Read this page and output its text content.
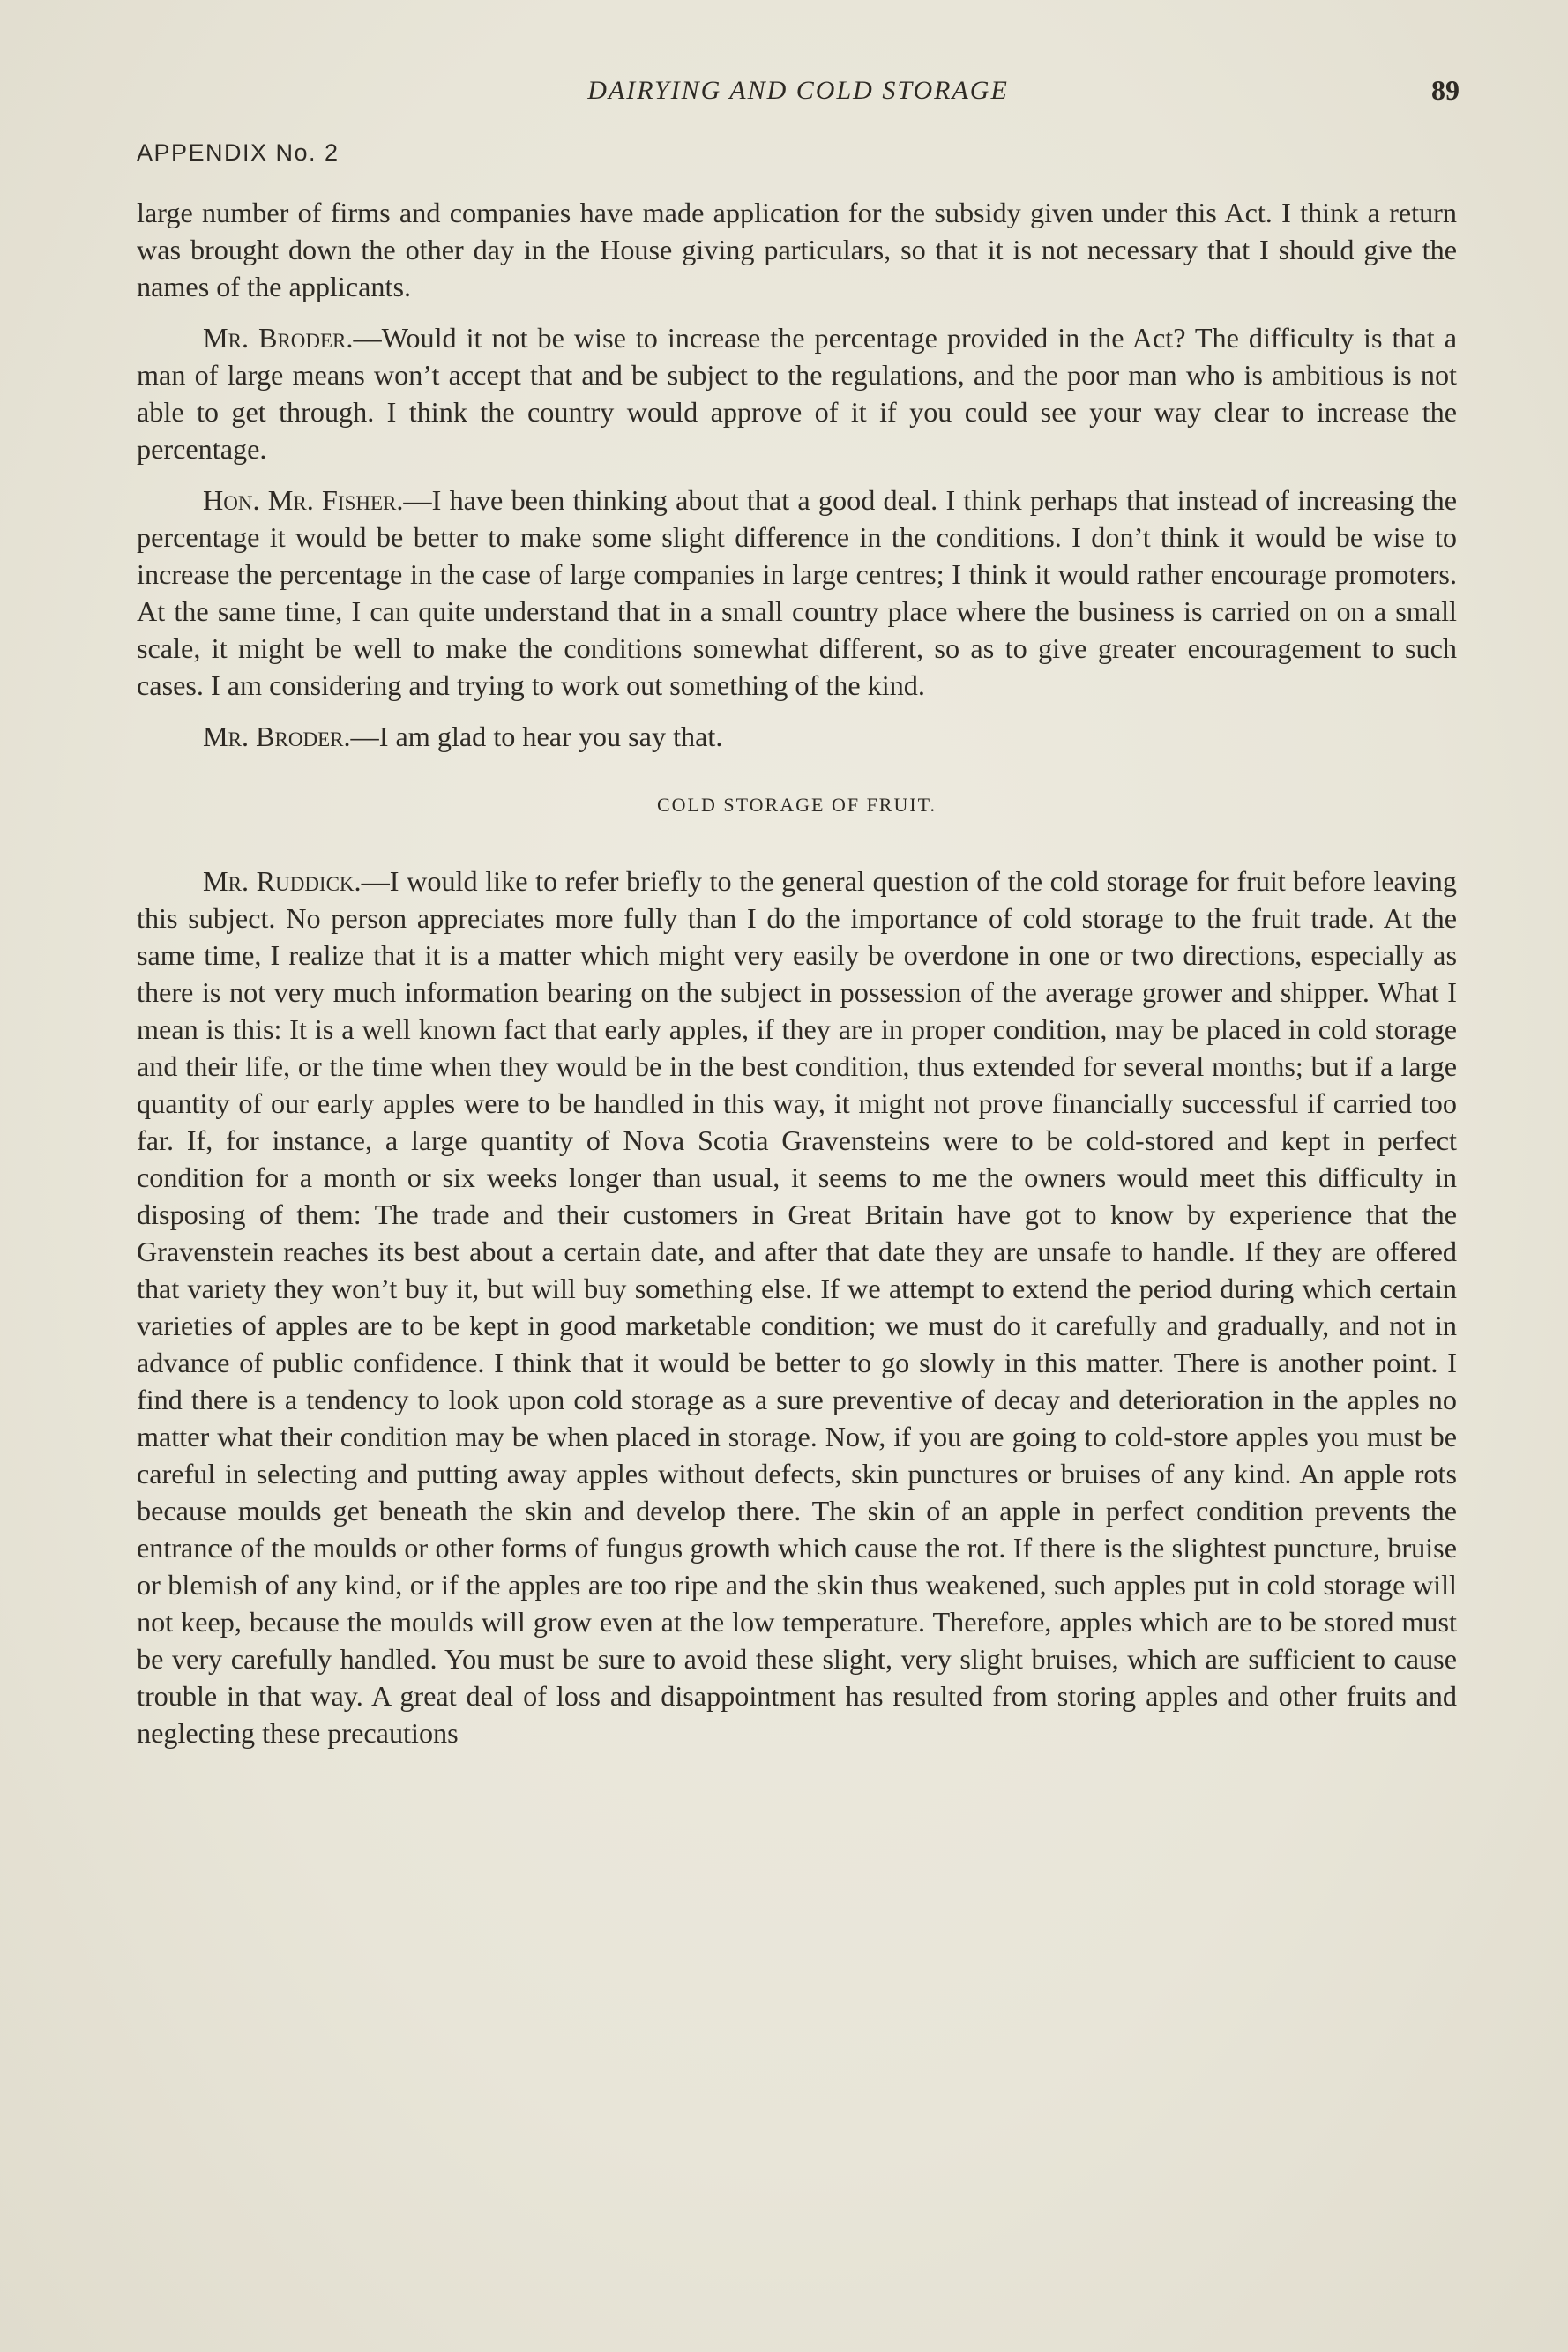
DAIRYING AND COLD STORAGE	89
APPENDIX No. 2

large number of firms and companies have made application for the subsidy given under this Act. I think a return was brought down the other day in the House giving particulars, so that it is not necessary that I should give the names of the applicants.

Mr. Broder.—Would it not be wise to increase the percentage provided in the Act? The difficulty is that a man of large means won’t accept that and be subject to the regulations, and the poor man who is ambitious is not able to get through. I think the country would approve of it if you could see your way clear to increase the percentage.

Hon. Mr. Fisher.—I have been thinking about that a good deal. I think perhaps that instead of increasing the percentage it would be better to make some slight difference in the conditions. I don’t think it would be wise to increase the percentage in the case of large companies in large centres; I think it would rather encourage promoters. At the same time, I can quite understand that in a small country place where the business is carried on on a small scale, it might be well to make the conditions somewhat different, so as to give greater encouragement to such cases. I am considering and trying to work out something of the kind.

Mr. Broder.—I am glad to hear you say that.

COLD STORAGE OF FRUIT.

Mr. Ruddick.—I would like to refer briefly to the general question of the cold storage for fruit before leaving this subject. No person appreciates more fully than I do the importance of cold storage to the fruit trade. At the same time, I realize that it is a matter which might very easily be overdone in one or two directions, especially as there is not very much information bearing on the subject in possession of the average grower and shipper. What I mean is this: It is a well known fact that early apples, if they are in proper condition, may be placed in cold storage and their life, or the time when they would be in the best condition, thus extended for several months; but if a large quantity of our early apples were to be handled in this way, it might not prove financially successful if carried too far. If, for instance, a large quantity of Nova Scotia Gravensteins were to be cold-stored and kept in perfect condition for a month or six weeks longer than usual, it seems to me the owners would meet this difficulty in disposing of them: The trade and their customers in Great Britain have got to know by experience that the Gravenstein reaches its best about a certain date, and after that date they are unsafe to handle. If they are offered that variety they won’t buy it, but will buy something else. If we attempt to extend the period during which certain varieties of apples are to be kept in good marketable condition; we must do it carefully and gradually, and not in advance of public confidence. I think that it would be better to go slowly in this matter. There is another point. I find there is a tendency to look upon cold storage as a sure preventive of decay and deterioration in the apples no matter what their condition may be when placed in storage. Now, if you are going to cold-store apples you must be careful in selecting and putting away apples without defects, skin punctures or bruises of any kind. An apple rots because moulds get beneath the skin and develop there. The skin of an apple in perfect condition prevents the entrance of the moulds or other forms of fungus growth which cause the rot. If there is the slightest puncture, bruise or blemish of any kind, or if the apples are too ripe and the skin thus weakened, such apples put in cold storage will not keep, because the moulds will grow even at the low temperature. Therefore, apples which are to be stored must be very carefully handled. You must be sure to avoid these slight, very slight bruises, which are sufficient to cause trouble in that way. A great deal of loss and disappointment has resulted from storing apples and other fruits and neglecting these precautions
